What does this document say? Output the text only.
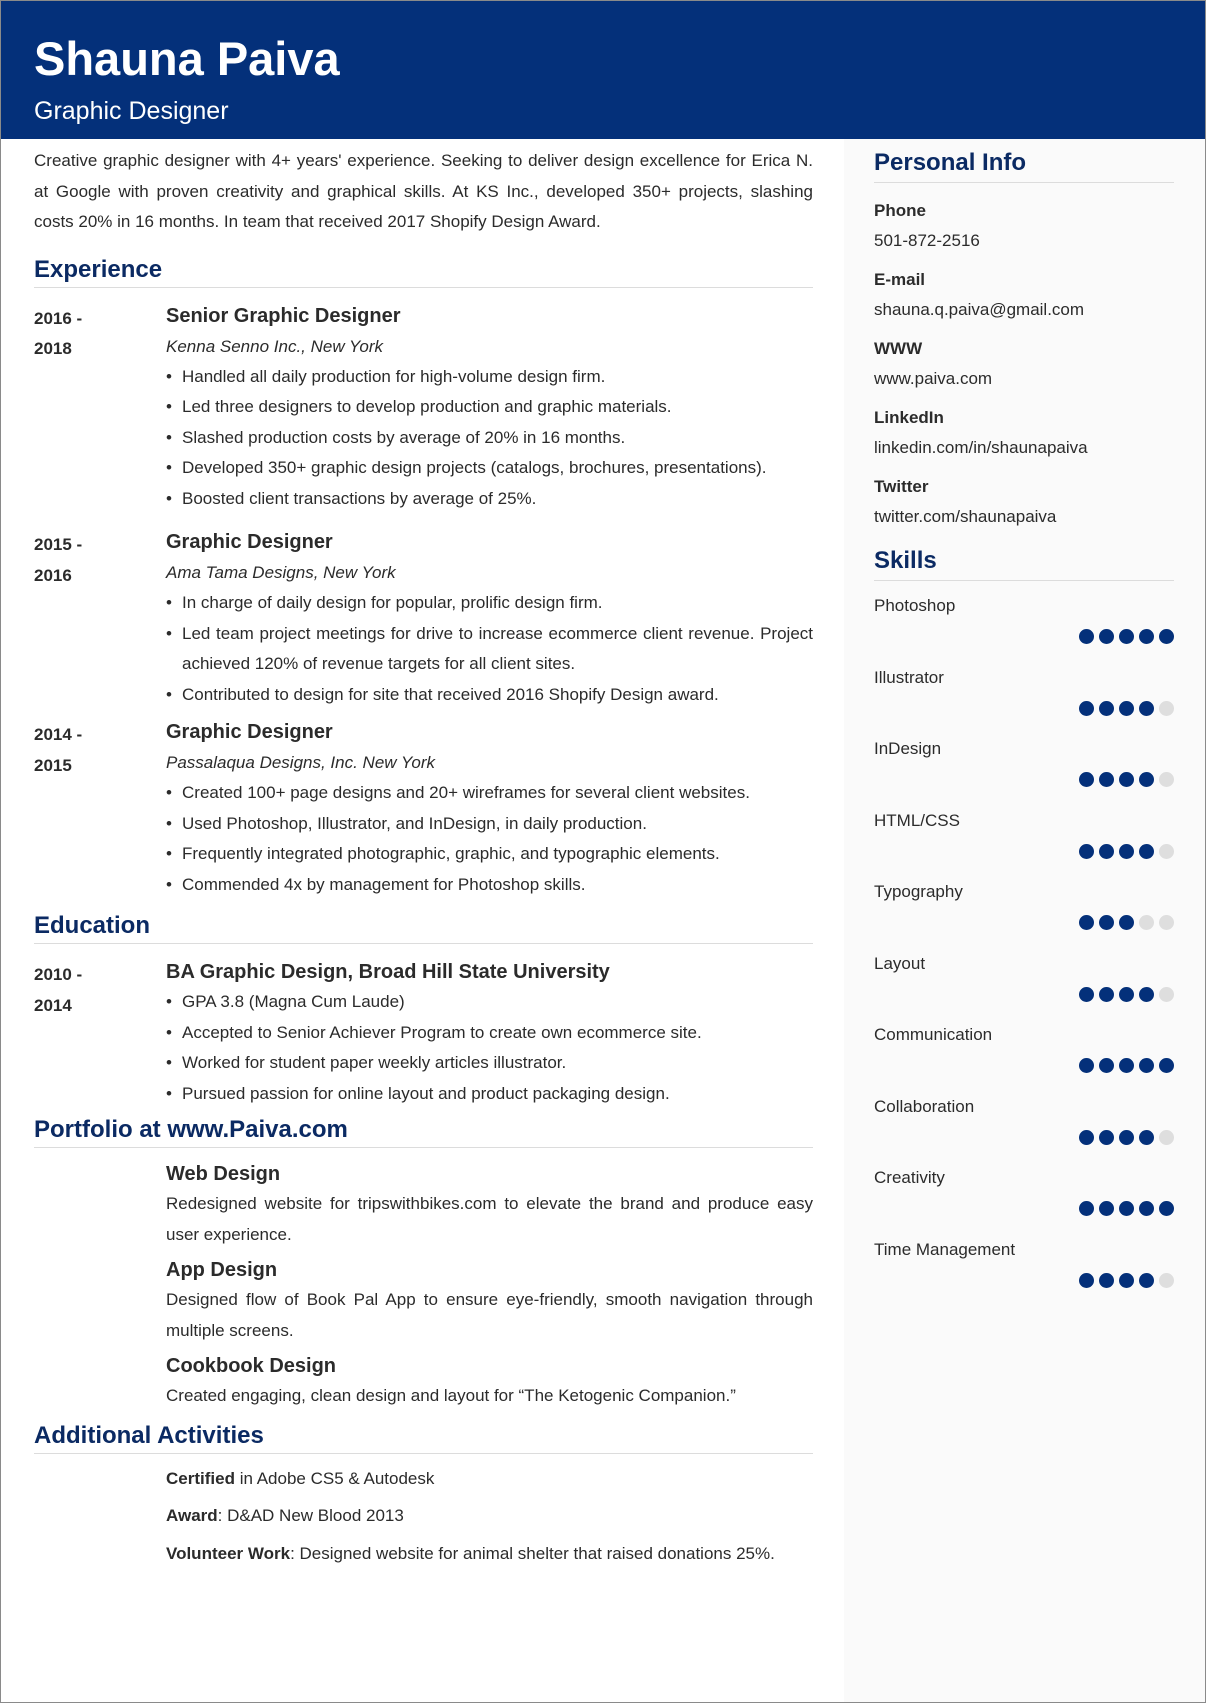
Shauna Paiva
Graphic Designer

Creative graphic designer with 4+ years' experience. Seeking to deliver design excellence for Erica N. at Google with proven creativity and graphical skills. At KS Inc., developed 350+ projects, slashing costs 20% in 16 months. In team that received 2017 Shopify Design Award.

Experience
2016 -
2018
Senior Graphic Designer
Kenna Senno Inc., New York
• Handled all daily production for high-volume design firm.
• Led three designers to develop production and graphic materials.
• Slashed production costs by average of 20% in 16 months.
• Developed 350+ graphic design projects (catalogs, brochures, presentations).
• Boosted client transactions by average of 25%.
2015 -
2016
Graphic Designer
Ama Tama Designs, New York
• In charge of daily design for popular, prolific design firm.
• Led team project meetings for drive to increase ecommerce client revenue. Project achieved 120% of revenue targets for all client sites.
• Contributed to design for site that received 2016 Shopify Design award.
2014 -
2015
Graphic Designer
Passalaqua Designs, Inc. New York
• Created 100+ page designs and 20+ wireframes for several client websites.
• Used Photoshop, Illustrator, and InDesign, in daily production.
• Frequently integrated photographic, graphic, and typographic elements.
• Commended 4x by management for Photoshop skills.
Education
2010 -
2014
BA Graphic Design, Broad Hill State University
• GPA 3.8 (Magna Cum Laude)
• Accepted to Senior Achiever Program to create own ecommerce site.
• Worked for student paper weekly articles illustrator.
• Pursued passion for online layout and product packaging design.
Portfolio at www.Paiva.com
Web Design

Redesigned website for tripswithbikes.com to elevate the brand and produce easy user experience.

App Design

Designed flow of Book Pal App to ensure eye-friendly, smooth navigation through multiple screens.

Cookbook Design

Created engaging, clean design and layout for “The Ketogenic Companion.”

Additional Activities

Certified in Adobe CS5 & Autodesk

Award: D&AD New Blood 2013

Volunteer Work: Designed website for animal shelter that raised donations 25%.

Personal Info
Phone
501-872-2516
E-mail
shauna.q.paiva@gmail.com
WWW
www.paiva.com
LinkedIn
linkedin.com/in/shaunapaiva
Twitter
twitter.com/shaunapaiva
Skills
Photoshop
Illustrator
InDesign
HTML/CSS
Typography
Layout
Communication
Collaboration
Creativity
Time Management
